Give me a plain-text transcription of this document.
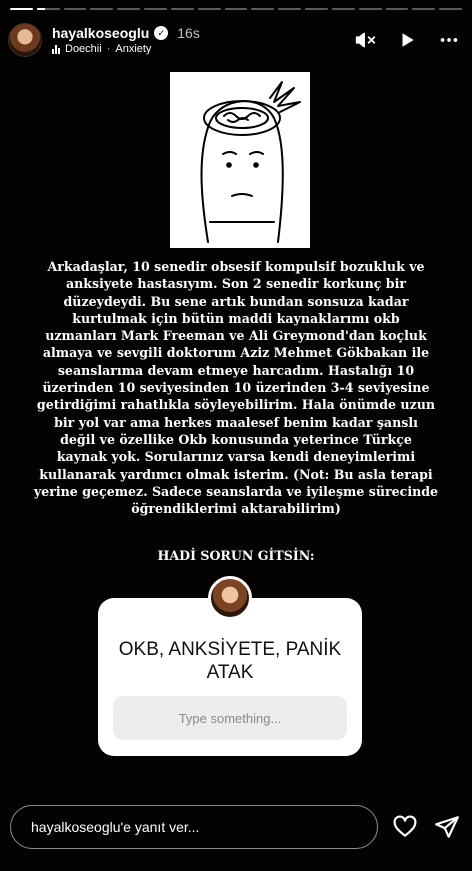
hayalkoseoglu ✓ 16s
Doechii · Anxiety
Arkadaşlar, 10 senedir obsesif kompulsif bozukluk ve
anksiyete hastasıyım. Son 2 senedir korkunç bir
düzeydeydi. Bu sene artık bundan sonsuza kadar
kurtulmak için bütün maddi kaynaklarımı okb
uzmanları Mark Freeman ve Ali Greymond'dan koçluk
almaya ve sevgili doktorum Aziz Mehmet Gökbakan ile
seanslarıma devam etmeye harcadım. Hastalığı 10
üzerinden 10 seviyesinden 10 üzerinden 3-4 seviyesine
getirdiğimi rahatlıkla söyleyebilirim. Hala önümde uzun
bir yol var ama herkes maalesef benim kadar şanslı
değil ve özellike Okb konusunda yeterince Türkçe
kaynak yok. Sorularınız varsa kendi deneyimlerimi
kullanarak yardımcı olmak isterim. (Not: Bu asla terapi
yerine geçemez. Sadece seanslarda ve iyileşme sürecinde
öğrendiklerimi aktarabilirim)
HADİ SORUN GİTSİN:
OKB, ANKSİYETE, PANİK
ATAK
Type something...
hayalkoseoglu'e yanıt ver...
